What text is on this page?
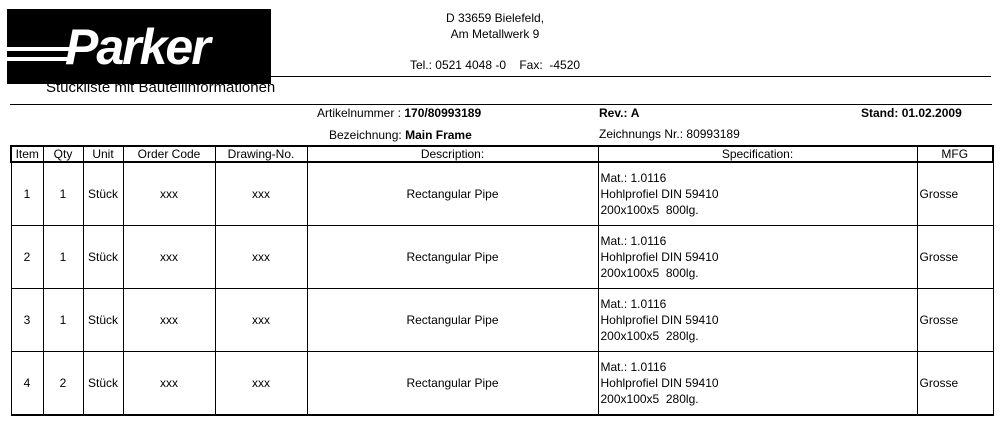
Parker
D 33659 Bielefeld,
Am Metallwerk 9
Tel.: 0521 4048 -0    Fax:  -4520
Stückliste mit Bauteilinformationen
Artikelnummer : 170/80993189	Rev.: A	Stand: 01.02.2009
Bezeichnung: Main Frame	Zeichnungs Nr.: 80993189
Item	Qty	Unit	Order Code	Drawing-No.	Description:	Specification:	MFG
1	1	Stück	xxx	xxx	Rectangular Pipe	Mat.: 1.0116
Hohlprofiel DIN 59410
200x100x5  800lg.	Grosse
2	1	Stück	xxx	xxx	Rectangular Pipe	Mat.: 1.0116
Hohlprofiel DIN 59410
200x100x5  800lg.	Grosse
3	1	Stück	xxx	xxx	Rectangular Pipe	Mat.: 1.0116
Hohlprofiel DIN 59410
200x100x5  280lg.	Grosse
4	2	Stück	xxx	xxx	Rectangular Pipe	Mat.: 1.0116
Hohlprofiel DIN 59410
200x100x5  280lg.	Grosse
